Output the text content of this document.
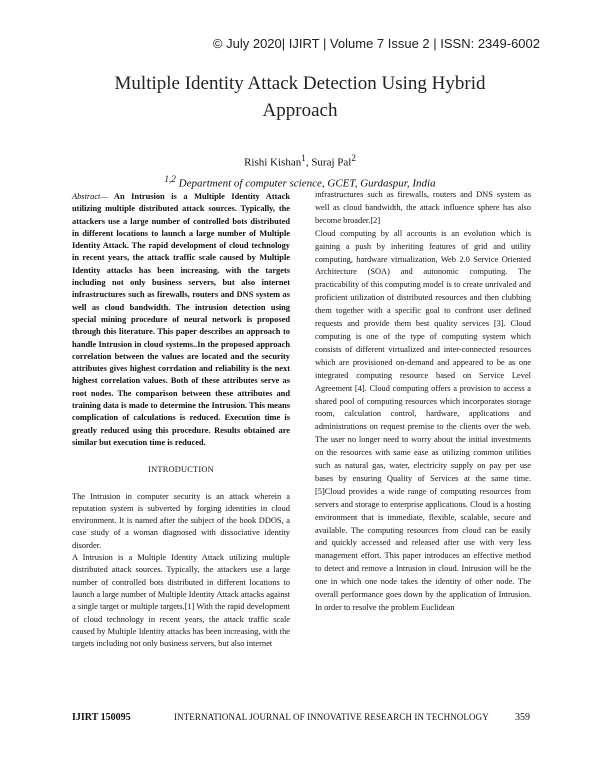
© July 2020| IJIRT | Volume 7 Issue 2 | ISSN: 2349-6002
Multiple Identity Attack Detection Using Hybrid
Approach
Rishi Kishan$^1$, Suraj Pal$^2$
$^{1,2}$ Department of computer science, GCET, Gurdaspur, India

Abstract— An Intrusion is a Multiple Identity Attack utilizing multiple distributed attack sources. Typically, the attackers use a large number of controlled bots distributed in different locations to launch a large number of Multiple Identity Attack. The rapid development of cloud technology in recent years, the attack traffic scale caused by Multiple Identity attacks has been increasing, with the targets including not only business servers, but also internet infrastructures such as firewalls, routers and DNS system as well as cloud bandwidth. The intrusion detection using special mining procedure of neural network is proposed through this literature. This paper describes an approach to handle Intrusion in cloud systems..In the proposed approach correlation between the values are located and the security attributes gives highest corrdation and reliability is the next highest correlation values. Both of these attributes serve as root nodes. The comparison between these attributes and training data is made to determine the Intrusion. This means complication of calculations is reduced. Execution time is greatly reduced using this procedure. Results obtained are similar but execution time is reduced.

INTRODUCTION

The Intrusion in computer security is an attack wherein a reputation system is subverted by forging identities in cloud environment. It is named after the subject of the book DDOS, a case study of a woman diagnosed with dissociative identity disorder.

A Intrusion is a Multiple Identity Attack utilizing multiple distributed attack sources. Typically, the attackers use a large number of controlled bots distributed in different locations to launch a large number of Multiple Identity Attack attacks against a single target or multiple targets.[1] With the rapid development of cloud technology in recent years, the attack traffic scale caused by Multiple Identity attacks has been increasing, with the targets including not only business servers, but also internet

infrastructures such as firewalls, routers and DNS system as well as cloud bandwidth, the attack influence sphere has also become broader.[2]

Cloud computing by all accounts is an evolution which is gaining a push by inheriting features of grid and utility computing, hardware virtualization, Web 2.0 Service Oriented Architecture (SOA) and autonomic computing. The practicability of this computing model is to create unrivaled and proficient utilization of distributed resources and then clubbing them together with a specific goal to confront user defined requests and provide them best quality services [3]. Cloud computing is one of the type of computing system which consists of different virtualized and inter-connected resources which are provisioned on-demand and appeared to be as one integrated computing resource based on Service Level Agreement [4]. Cloud computing offers a provision to access a shared pool of computing resources which incorporates storage room, calculation control, hardware, applications and administrations on request premise to the clients over the web. The user no longer need to worry about the initial investments on the resources with same ease as utilizing common utilities such as natural gas, water, electricity supply on pay per use bases by ensuring Quality of Services at the same time. [5]Cloud provides a wide range of computing resources from servers and storage to enterprise applications. Cloud is a hosting environment that is immediate, flexible, scalable, secure and available. The computing resources from cloud can be easily and quickly accessed and released after use with very less management effort. This paper introduces an effective method to detect and remove a Intrusion in cloud. Intrusion will be the one in which one node takes the identity of other node. The overall performance goes down by the application of Intrusion. In order to resolve the problem Euclidean

IJIRT 150095	INTERNATIONAL JOURNAL OF INNOVATIVE RESEARCH IN TECHNOLOGY	359
